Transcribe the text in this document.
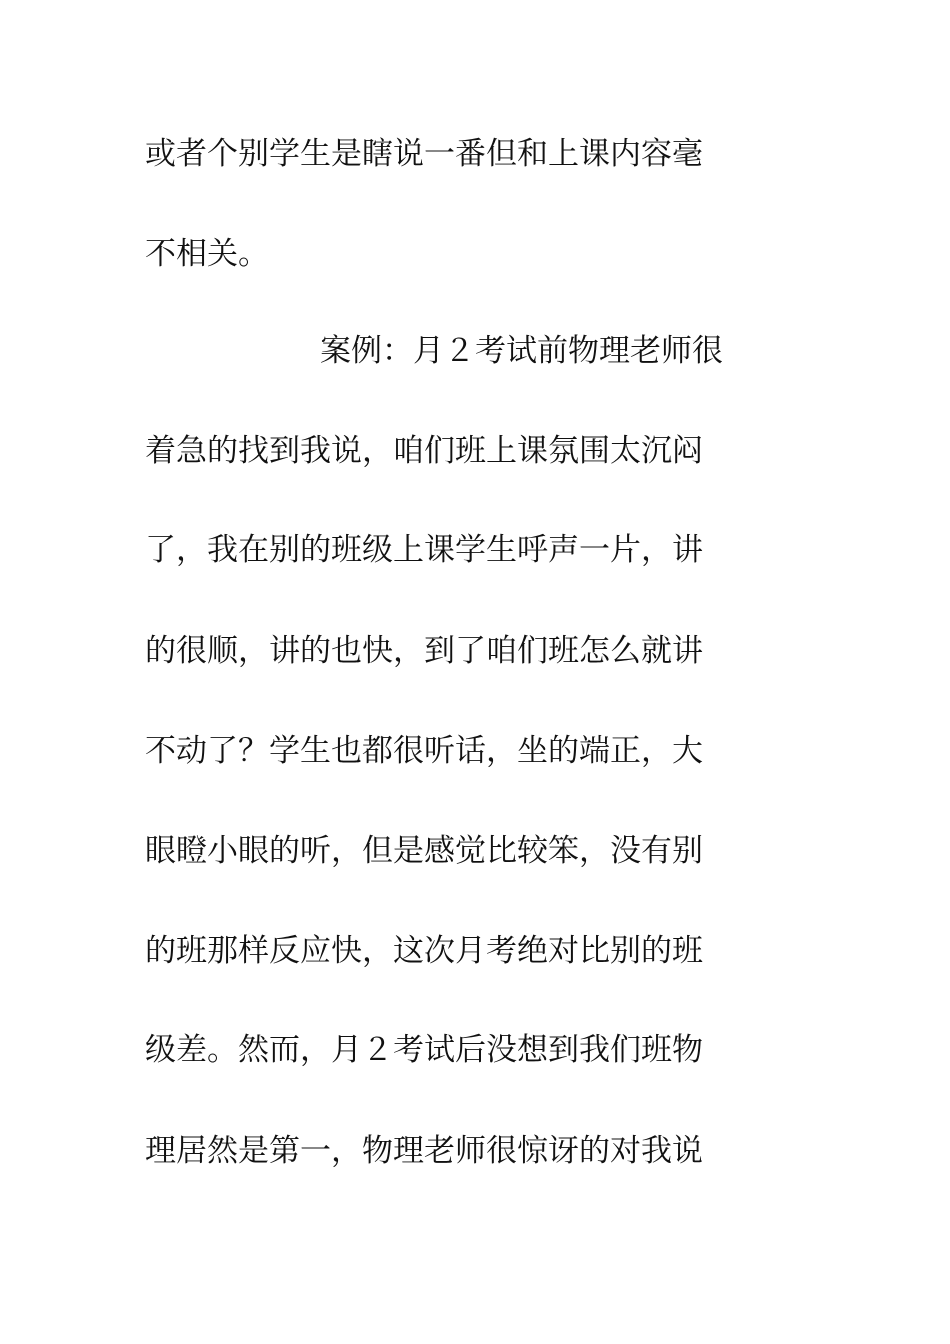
或者个别学生是瞎说一番但和上课内容毫
不相关。
案例：月２考试前物理老师很
着急的找到我说，咱们班上课氛围太沉闷
了，我在别的班级上课学生呼声一片，讲
的很顺，讲的也快，到了咱们班怎么就讲
不动了？学生也都很听话，坐的端正，大
眼瞪小眼的听，但是感觉比较笨，没有别
的班那样反应快，这次月考绝对比别的班
级差。然而，月２考试后没想到我们班物
理居然是第一，物理老师很惊讶的对我说
